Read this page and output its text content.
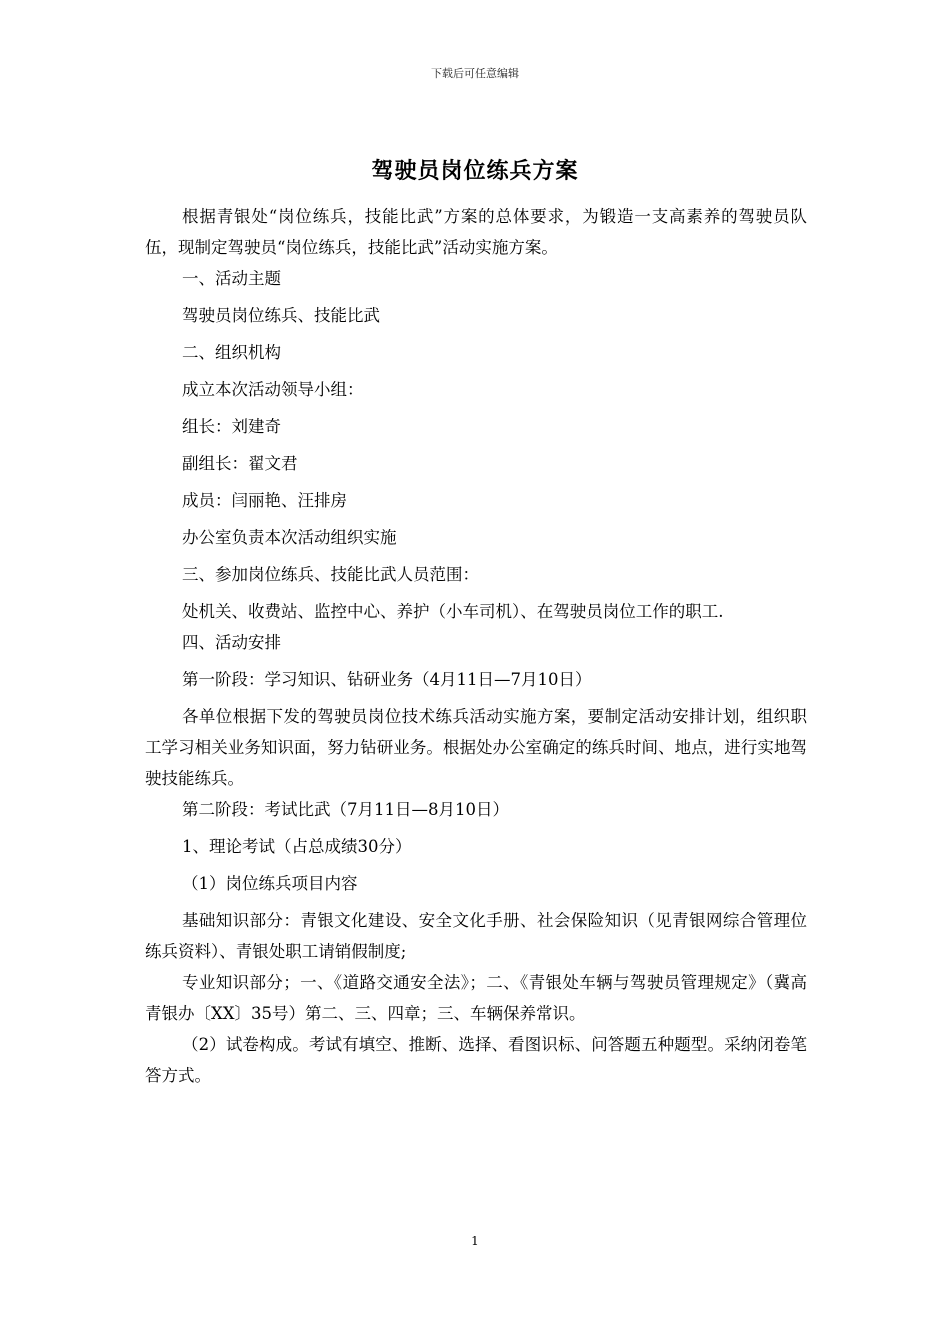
下载后可任意编辑
驾驶员岗位练兵方案

根据青银处“岗位练兵，技能比武”方案的总体要求，为锻造一支高素养的驾驶员队伍，现制定驾驶员“岗位练兵，技能比武”活动实施方案。

一、活动主题

驾驶员岗位练兵、技能比武

二、组织机构

成立本次活动领导小组：

组长：刘建奇

副组长：翟文君

成员：闫丽艳、汪排房

办公室负责本次活动组织实施

三、参加岗位练兵、技能比武人员范围：

处机关、收费站、监控中心、养护（小车司机）、在驾驶员岗位工作的职工.

四、活动安排

第一阶段：学习知识、钻研业务（4月11日—7月10日）

各单位根据下发的驾驶员岗位技术练兵活动实施方案，要制定活动安排计划，组织职工学习相关业务知识面，努力钻研业务。根据处办公室确定的练兵时间、地点，进行实地驾驶技能练兵。

第二阶段：考试比武（7月11日—8月10日）

1、理论考试（占总成绩30分）

（1）岗位练兵项目内容

基础知识部分：青银文化建设、安全文化手册、社会保险知识（见青银网综合管理位练兵资料）、青银处职工请销假制度;

专业知识部分；一、《道路交通安全法》；二、《青银处车辆与驾驶员管理规定》（冀高青银办〔XX〕35号）第二、三、四章；三、车辆保养常识。

（2）试卷构成。考试有填空、推断、选择、看图识标、问答题五种题型。采纳闭卷笔答方式。

1
